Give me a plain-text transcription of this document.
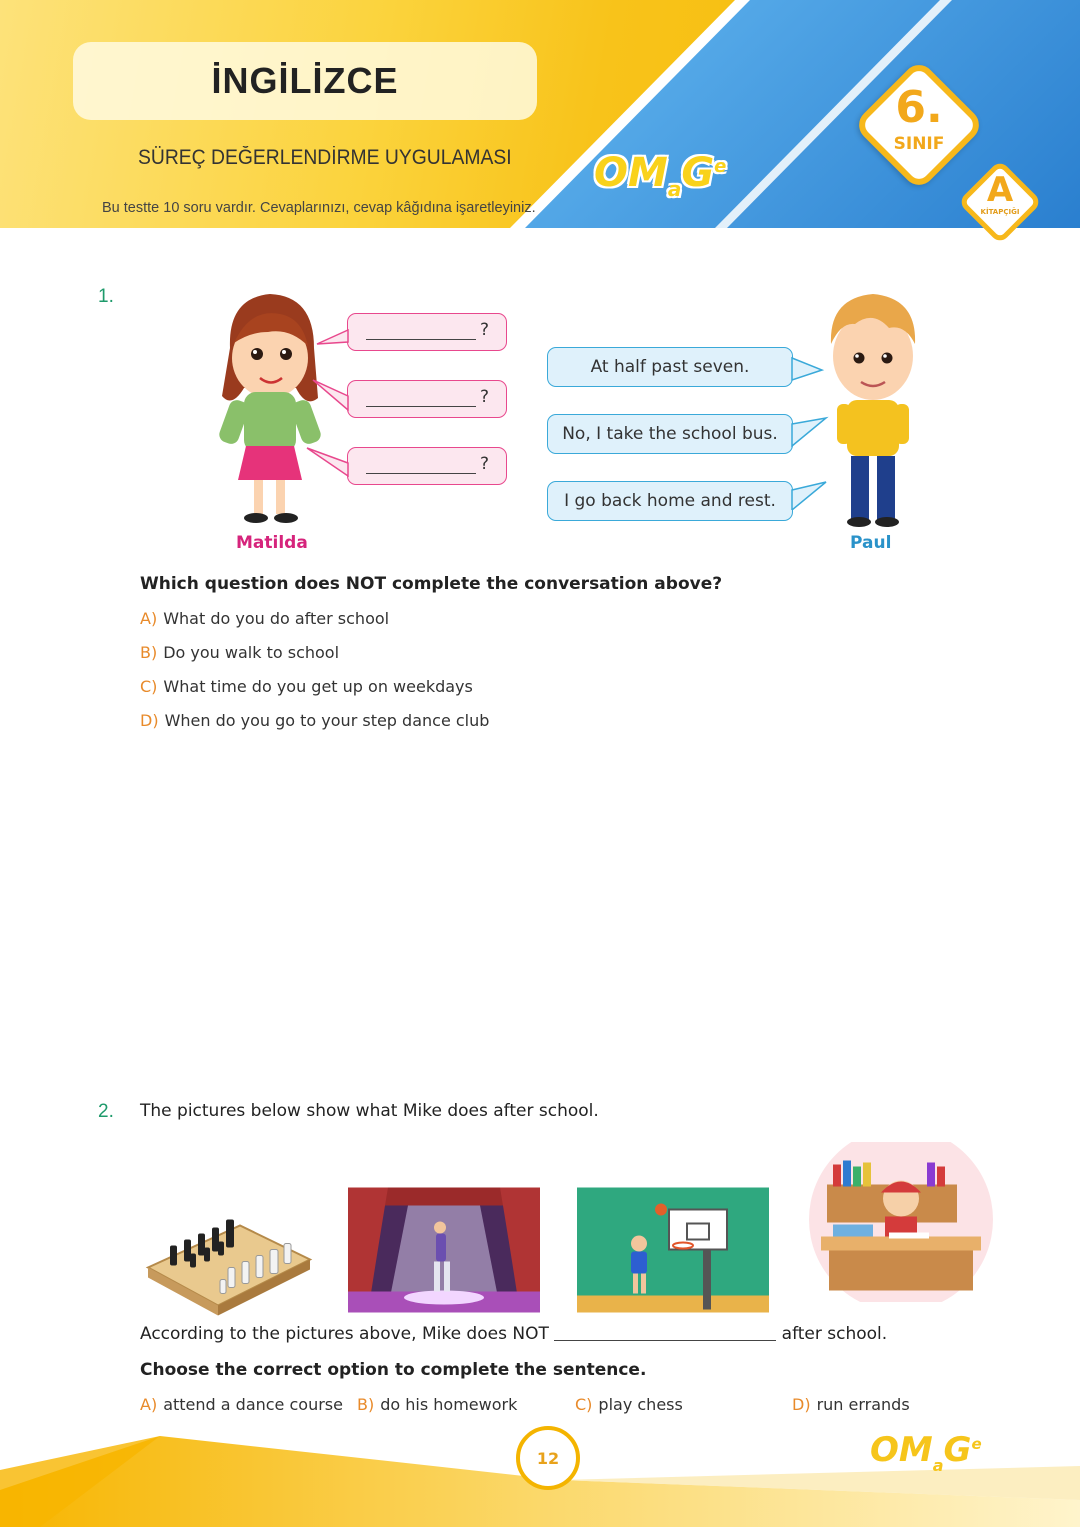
İNGİLİZCE
SÜREÇ DEĞERLENDİRME UYGULAMASI
Bu testte 10 soru vardır. Cevaplarınızı, cevap kâğıdına işaretleyiniz.
$OM_aG^e$
6.
SINIF
A
KİTAPÇIĞI
1.
?
?
?
At half past seven.
No, I take the school bus.
I go back home and rest.
Matilda	Paul
Which question does NOT complete the conversation above?
A) What do you do after school
B) Do you walk to school
C) What time do you get up on weekdays
D) When do you go to your step dance club
2. The pictures below show what Mike does after school.
According to the pictures above, Mike does NOT	after school.
Choose the correct option to complete the sentence.
A) attend a dance course B) do his homework	C) play chess	D) run errands
12	$OM_aG^e$
